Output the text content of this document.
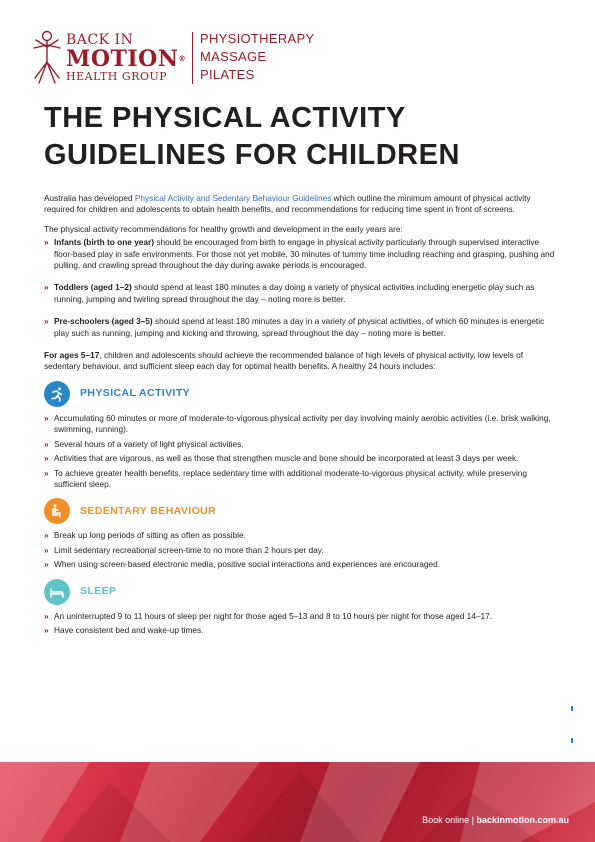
BACK IN
MOTION®
HEALTH GROUP
PHYSIOTHERAPY
MASSAGE
PILATES
THE PHYSICAL ACTIVITY
GUIDELINES FOR CHILDREN

Australia has developed Physical Activity and Sedentary Behaviour Guidelines which outline the minimum amount of physical activity required for children and adolescents to obtain health benefits, and recommendations for reducing time spent in front of screens.

The physical activity recommendations for healthy growth and development in the early years are:

» Infants (birth to one year) should be encouraged from birth to engage in physical activity particularly through supervised interactive floor-based play in safe environments. For those not yet mobile, 30 minutes of tummy time including reaching and grasping, pushing and pulling, and crawling spread throughout the day during awake periods is encouraged.
» Toddlers (aged 1–2) should spend at least 180 minutes a day doing a variety of physical activities including energetic play such as running, jumping and twirling spread throughout the day – noting more is better.
» Pre-schoolers (aged 3–5) should spend at least 180 minutes a day in a variety of physical activities, of which 60 minutes is energetic play such as running, jumping and kicking and throwing, spread throughout the day – noting more is better.

For ages 5–17, children and adolescents should achieve the recommended balance of high levels of physical activity, low levels of sedentary behaviour, and sufficient sleep each day for optimal health benefits. A healthy 24 hours includes:

PHYSICAL ACTIVITY
» Accumulating 60 minutes or more of moderate-to-vigorous physical activity per day involving mainly aerobic activities (i.e. brisk walking, swimming, running).
» Several hours of a variety of light physical activities.
» Activities that are vigorous, as well as those that strengthen muscle and bone should be incorporated at least 3 days per week.
» To achieve greater health benefits, replace sedentary time with additional moderate-to-vigorous physical activity, while preserving sufficient sleep.
SEDENTARY BEHAVIOUR
» Break up long periods of sitting as often as possible.
» Limit sedentary recreational screen-time to no more than 2 hours per day.
» When using screen-based electronic media, positive social interactions and experiences are encouraged.
SLEEP
» An uninterrupted 9 to 11 hours of sleep per night for those aged 5–13 and 8 to 10 hours per night for those aged 14–17.
» Have consistent bed and wake-up times.
Book online | backinmotion.com.au
